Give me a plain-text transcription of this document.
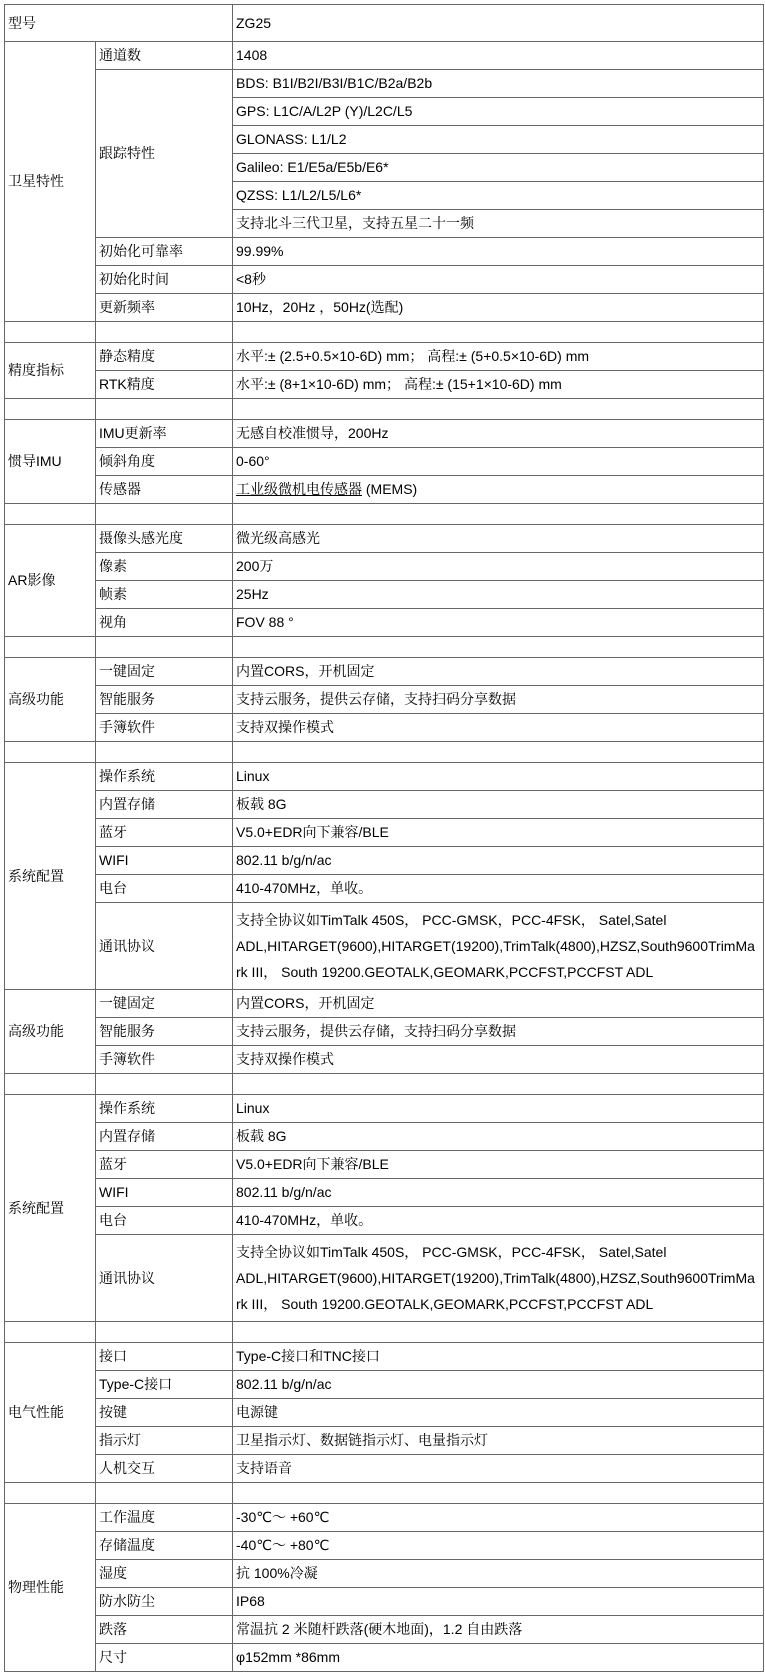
型号		ZG25
卫星特性	通道数	1408
	跟踪特性	BDS: B1I/B2I/B3I/B1C/B2a/B2b
		GPS: L1C/A/L2P (Y)/L2C/L5
		GLONASS: L1/L2
		Galileo: E1/E5a/E5b/E6*
		QZSS: L1/L2/L5/L6*
		支持北斗三代卫星，支持五星二十一频
	初始化可靠率	99.99%
	初始化时间	<8秒
	更新频率	10Hz，20Hz ，50Hz(选配)

精度指标	静态精度	水平:± (2.5+0.5×10-6D) mm； 高程:± (5+0.5×10-6D) mm
	RTK精度	水平:± (8+1×10-6D) mm； 高程:± (15+1×10-6D) mm

惯导IMU	IMU更新率	无感自校准惯导，200Hz
	倾斜角度	0-60°
	传感器	工业级微机电传感器 (MEMS)

AR影像	摄像头感光度	微光级高感光
	像素	200万
	帧素	25Hz
	视角	FOV 88 °

高级功能	一键固定	内置CORS，开机固定
	智能服务	支持云服务，提供云存储，支持扫码分享数据
	手簿软件	支持双操作模式

系统配置	操作系统	Linux
	内置存储	板载 8G
	蓝牙	V5.0+EDR向下兼容/BLE
	WIFI	802.11 b/g/n/ac
	电台	410-470MHz，单收。
	通讯协议	支持全协议如TimTalk 450S， PCC-GMSK，PCC-4FSK， Satel,Satel ADL,HITARGET(9600),HITARGET(19200),TrimTalk(4800),HZSZ,South9600TrimMark III， South 19200.GEOTALK,GEOMARK,PCCFST,PCCFST ADL
高级功能	一键固定	内置CORS，开机固定
	智能服务	支持云服务，提供云存储，支持扫码分享数据
	手簿软件	支持双操作模式

系统配置	操作系统	Linux
	内置存储	板载 8G
	蓝牙	V5.0+EDR向下兼容/BLE
	WIFI	802.11 b/g/n/ac
	电台	410-470MHz，单收。
	通讯协议	支持全协议如TimTalk 450S， PCC-GMSK，PCC-4FSK， Satel,Satel ADL,HITARGET(9600),HITARGET(19200),TrimTalk(4800),HZSZ,South9600TrimMark III， South 19200.GEOTALK,GEOMARK,PCCFST,PCCFST ADL

电气性能	接口	Type-C接口和TNC接口
	Type-C接口	802.11 b/g/n/ac
	按键	电源键
	指示灯	卫星指示灯、数据链指示灯、电量指示灯
	人机交互	支持语音

物理性能	工作温度	-30℃～ +60℃
	存储温度	-40℃～ +80℃
	湿度	抗 100%冷凝
	防水防尘	IP68
	跌落	常温抗 2 米随杆跌落(硬木地面)，1.2 自由跌落
	尺寸	φ152mm *86mm
